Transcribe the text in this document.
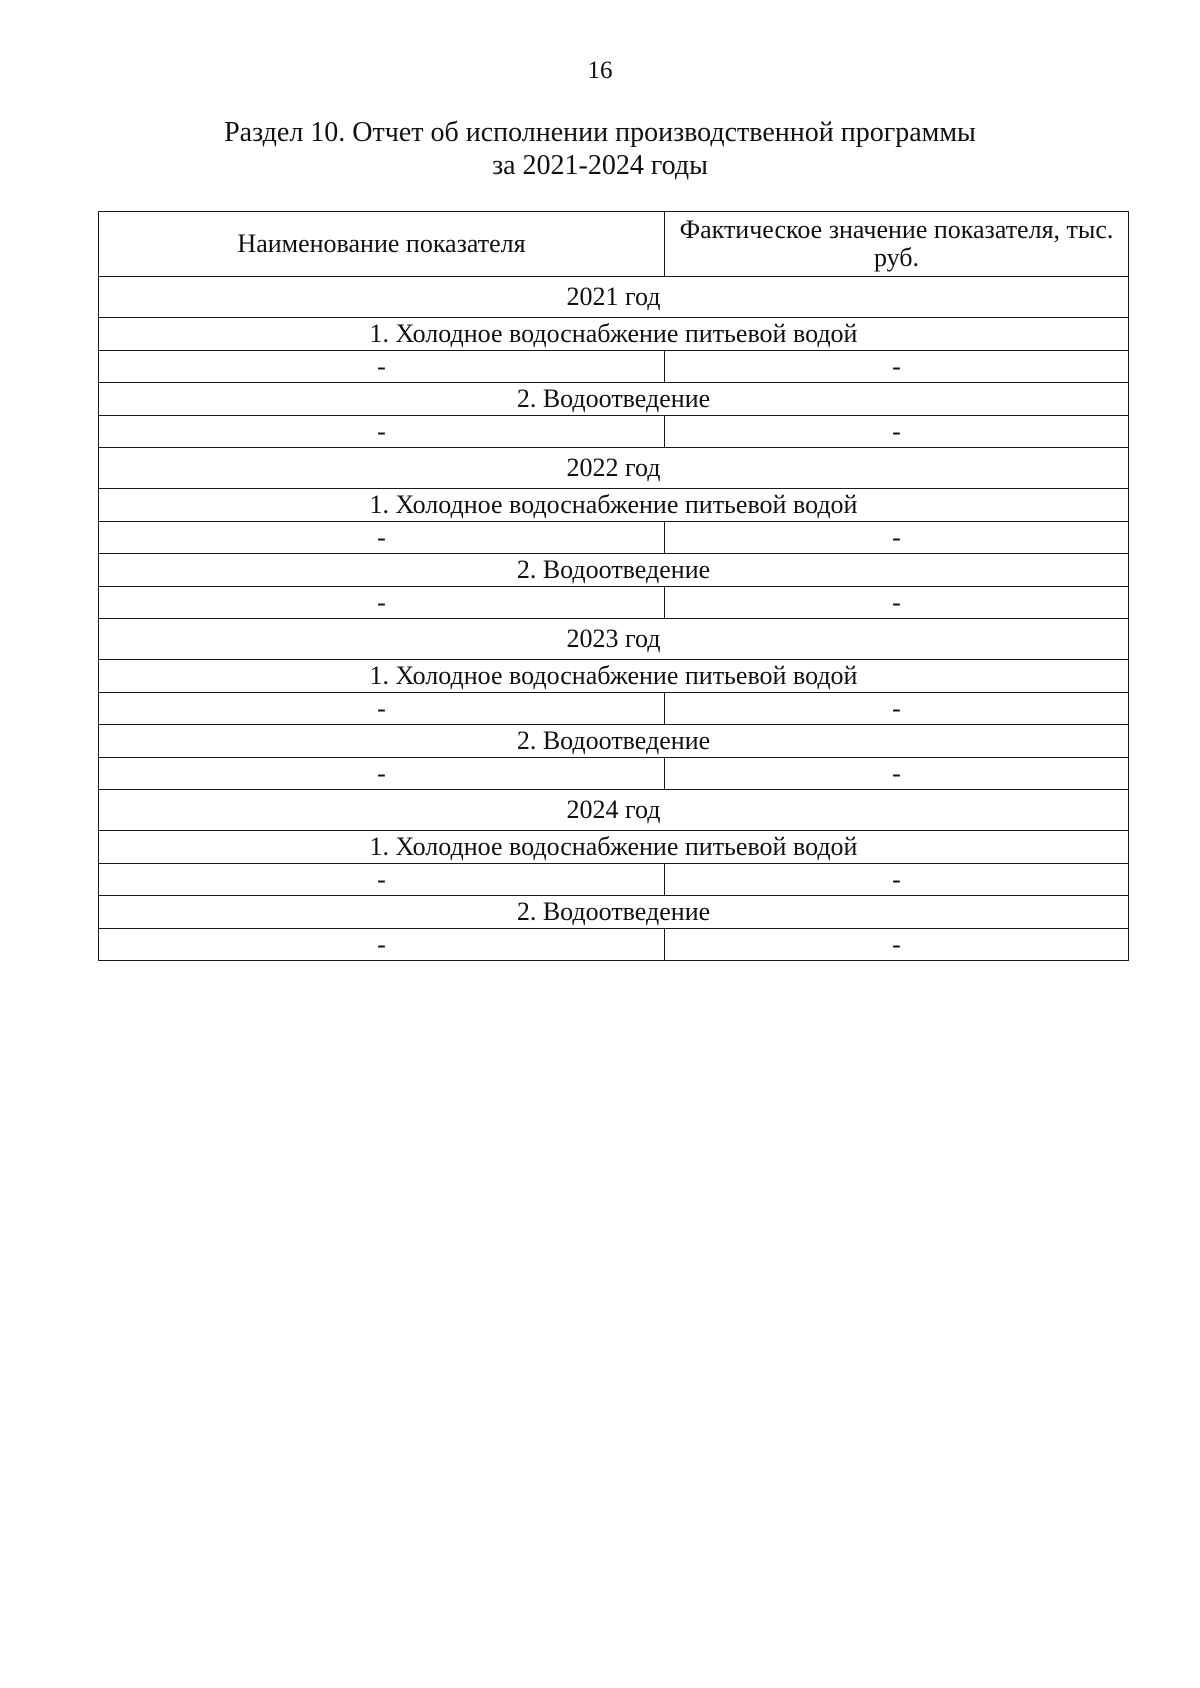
16
Раздел 10. Отчет об исполнении производственной программы
за 2021-2024 годы
Наименование показателя	Фактическое значение показателя, тыс. руб.
2021 год	
1. Холодное водоснабжение питьевой водой	
-	-
2. Водоотведение	
-	-
2022 год	
1. Холодное водоснабжение питьевой водой	
-	-
2. Водоотведение	
-	-
2023 год	
1. Холодное водоснабжение питьевой водой	
-	-
2. Водоотведение	
-	-
2024 год	
1. Холодное водоснабжение питьевой водой	
-	-
2. Водоотведение	
-	-
